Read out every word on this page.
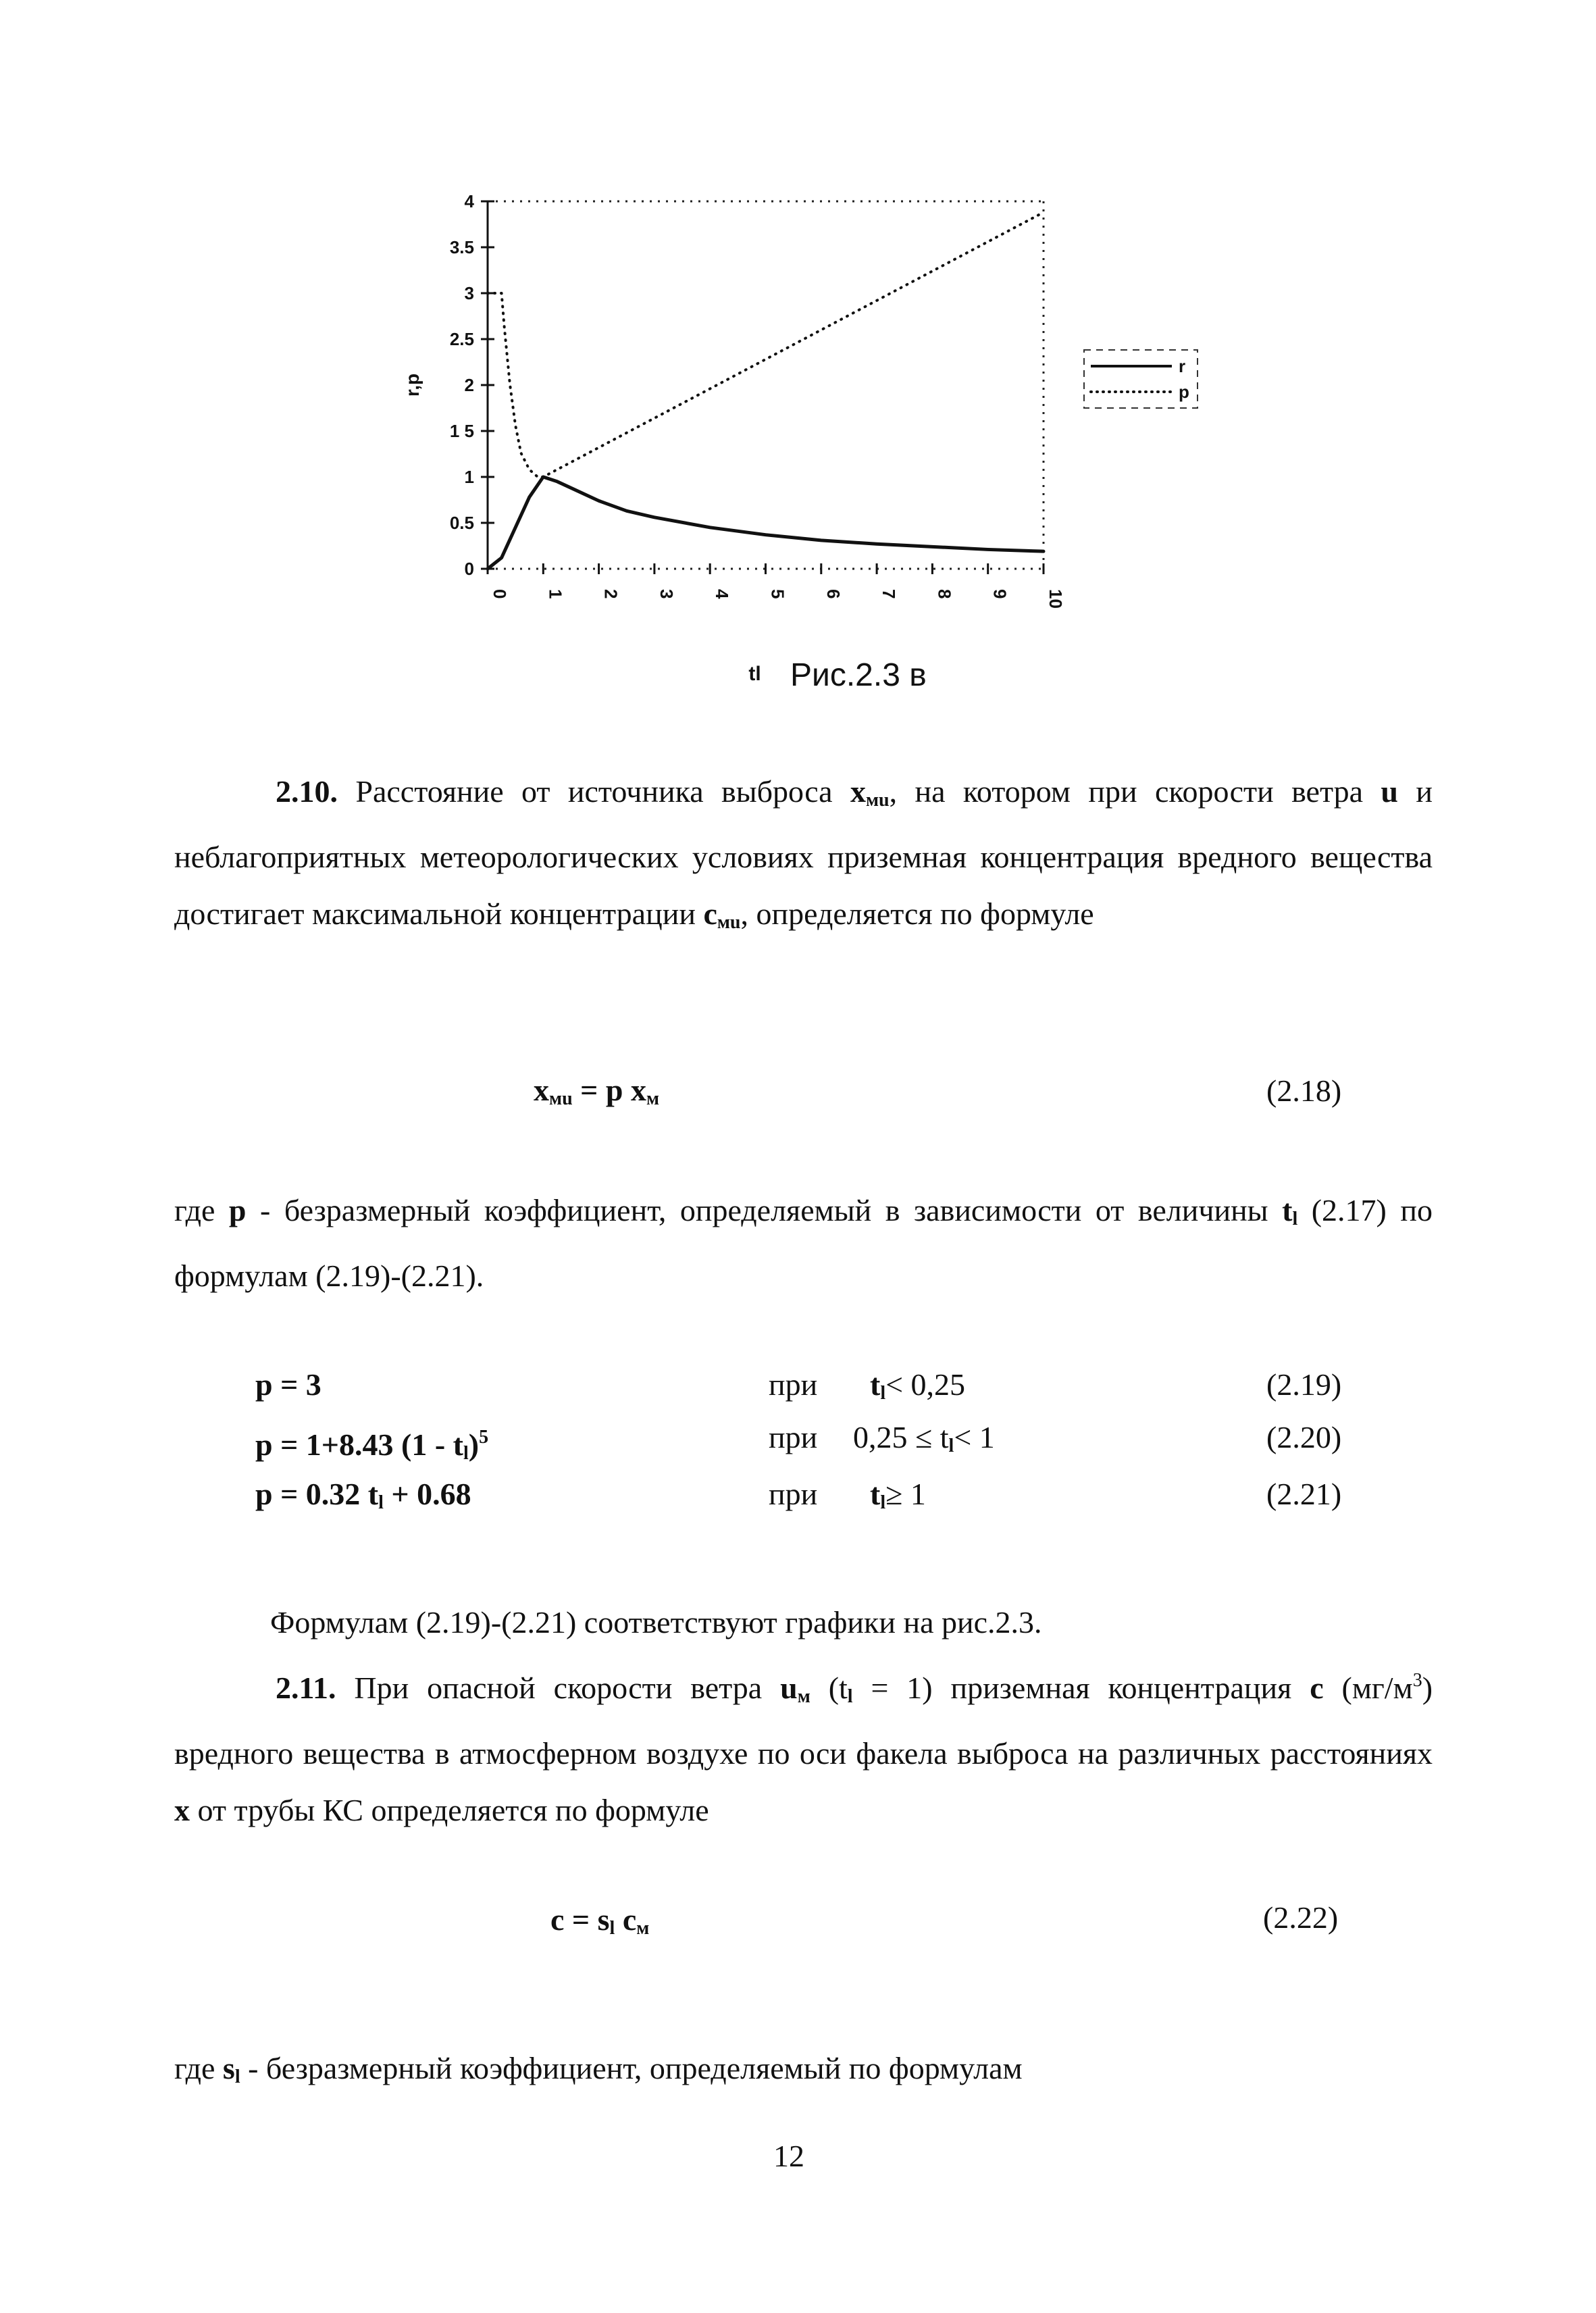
0
0.5
1
1 5
2
2.5
3
3.5
4
0 1 2 3 4 5 6 7 8 9 10
tl
r,p
r
p
Рис.2.3 в
2.10. Расстояние от источника выброса $x_{мu}$, на котором при скорости ветра u и неблагоприятных метеорологических условиях приземная концентрация вредного вещества достигает максимальной концентрации $c_{мu}$, определяется по формуле
$x_{мu} = p$ $x_м$	(2.18)
где p - безразмерный коэффициент, определяемый в зависимости от величины $t_l$ (2.17) по формулам (2.19)-(2.21).
p = 3	при $t_l< 0,25$	(2.19)
p = 1+8.43 $(1 - t_l)^5$	при $0,25 \le t_l< 1$	(2.20)
p = 0.32 $t_l + 0.68$	при $t_l\ge 1$	(2.21)
Формулам (2.19)-(2.21) соответствуют графики на рис.2.3.
2.11. При опасной скорости ветра $u_м$ $(t_l = 1)$ приземная концентрация c $(мг/м^3)$ вредного вещества в атмосферном воздухе по оси факела выброса на различных расстояниях x от трубы КС определяется по формуле
$c = s_l$ $c_м$	(2.22)
где $s_l$ - безразмерный коэффициент, определяемый по формулам
12
